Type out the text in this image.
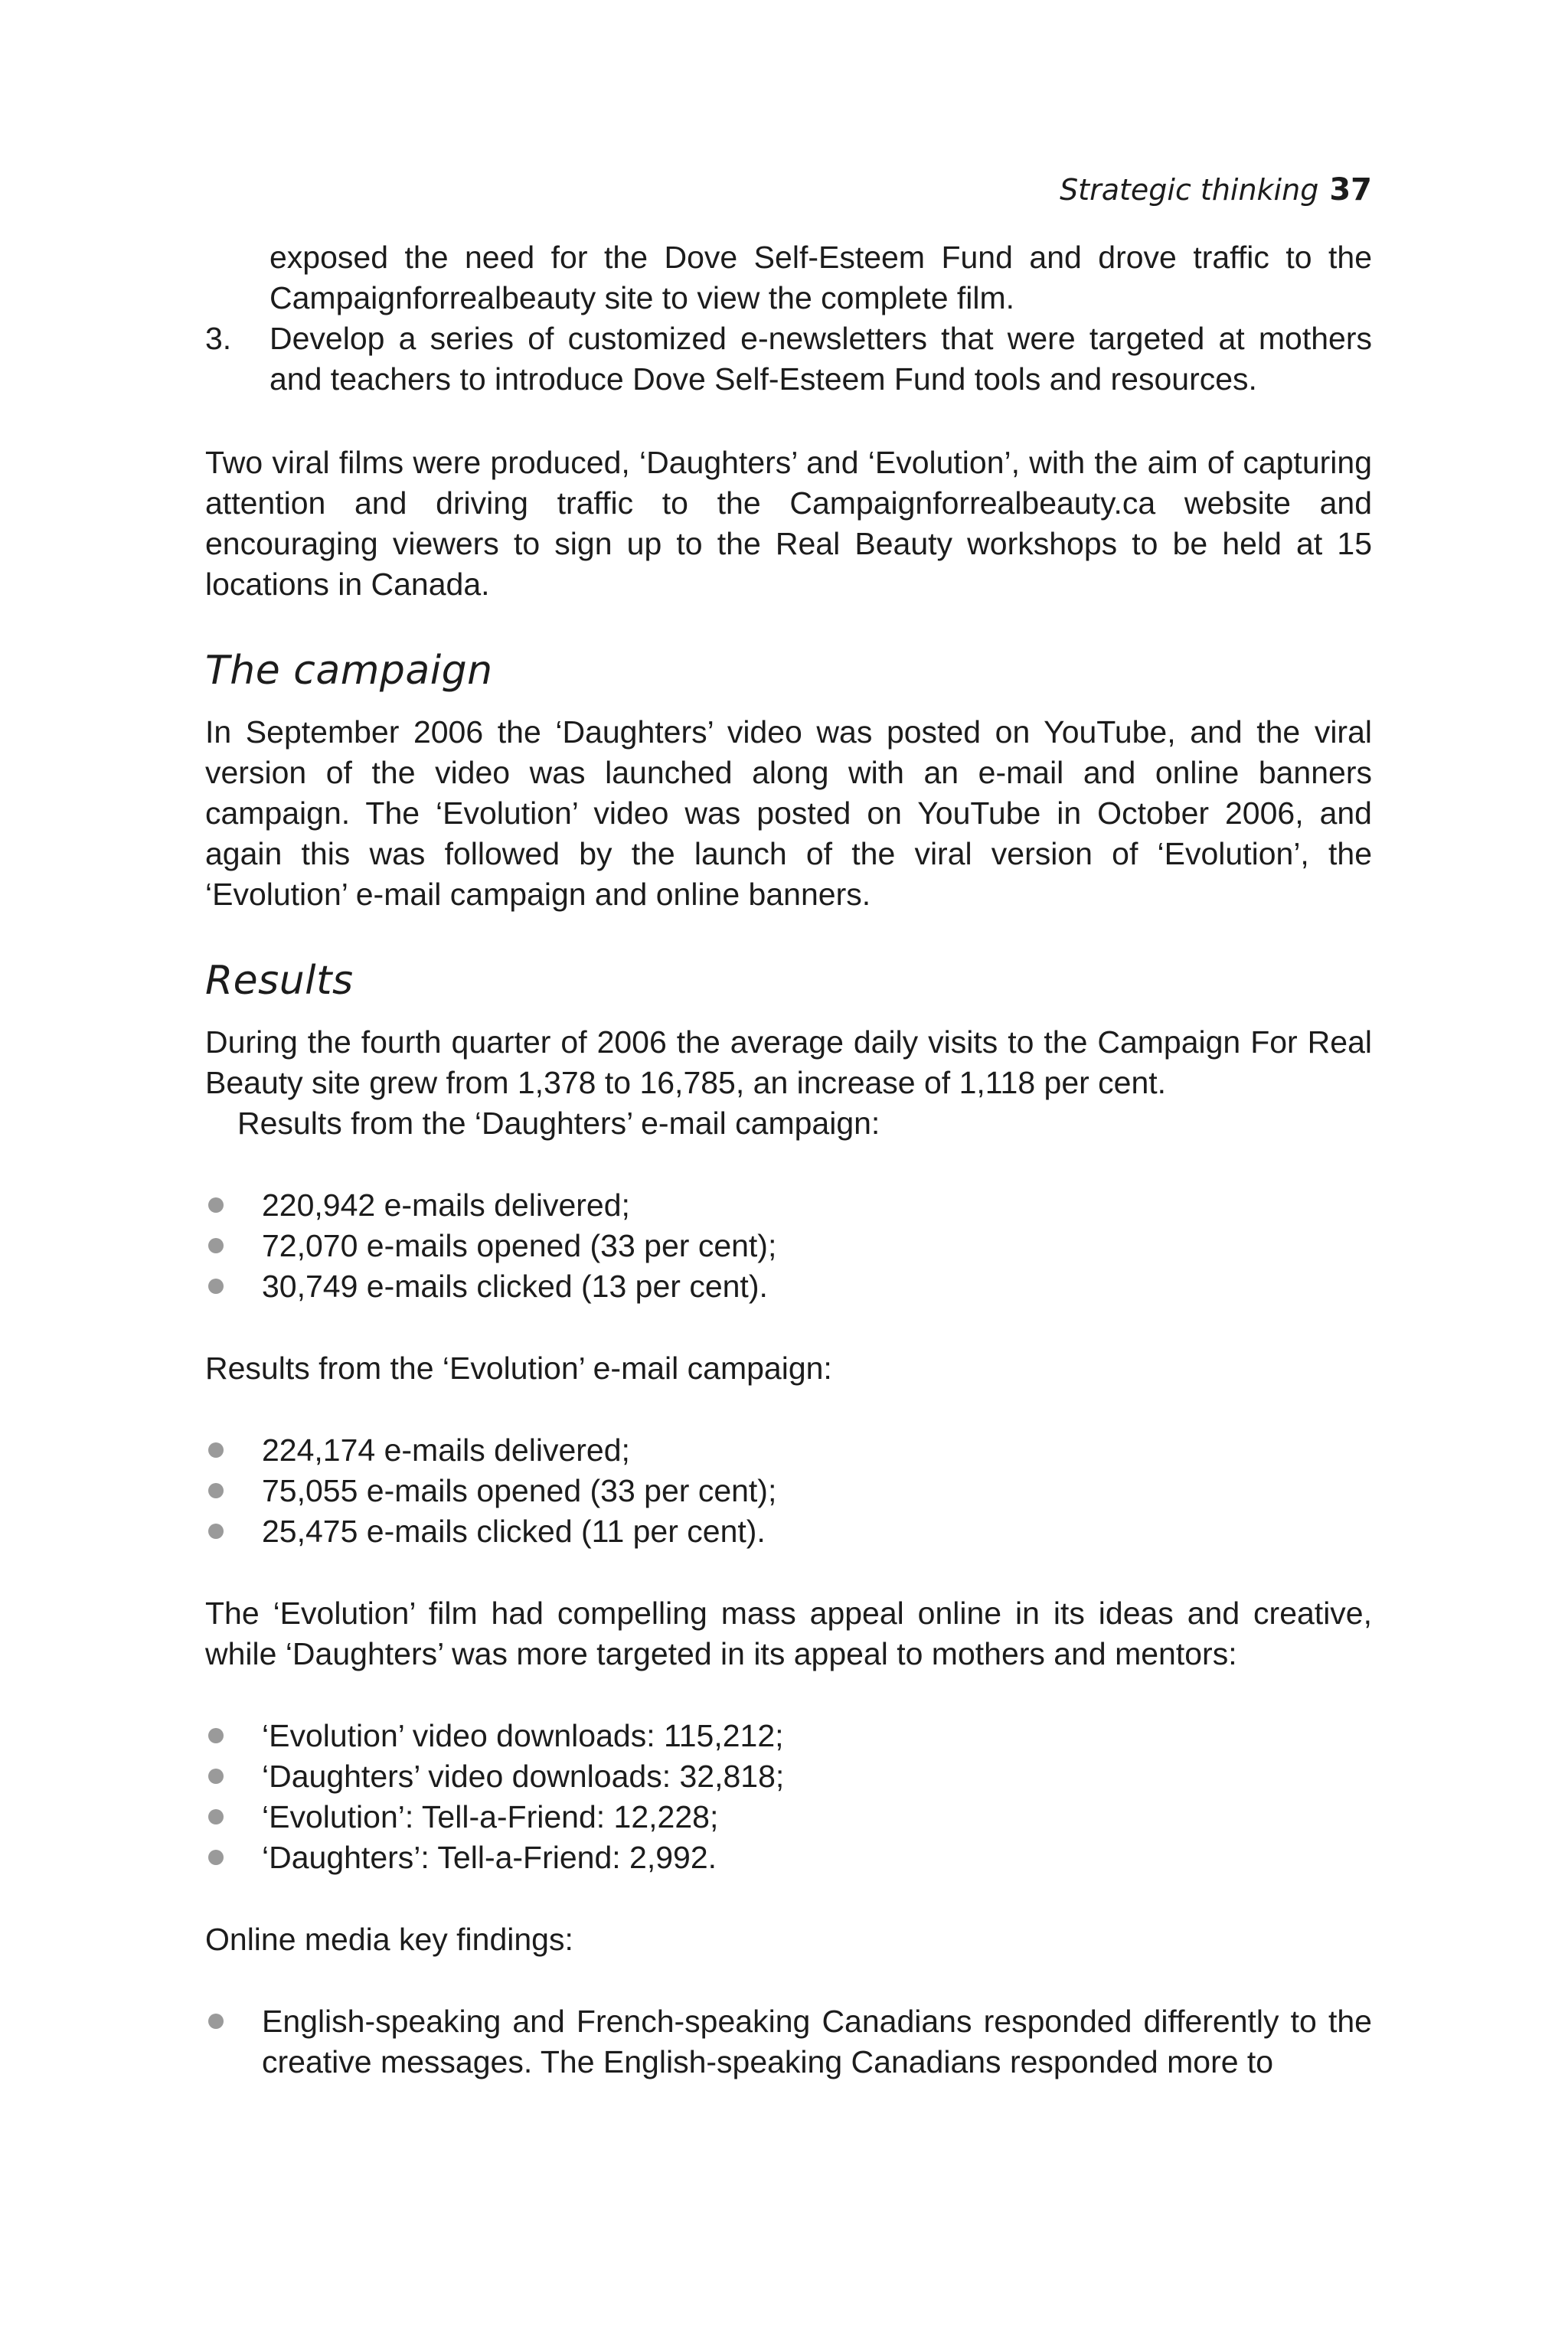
Strategic thinking 37

exposed the need for the Dove Self-Esteem Fund and drove traffic to the Campaignforrealbeauty site to view the complete film.

3.	Develop a series of customized e-newsletters that were targeted at mothers and teachers to introduce Dove Self-Esteem Fund tools and resources.

Two viral films were produced, ‘Daughters’ and ‘Evolution’, with the aim of capturing attention and driving traffic to the Campaignforrealbeauty.ca website and encouraging viewers to sign up to the Real Beauty workshops to be held at 15 locations in Canada.

The campaign

In September 2006 the ‘Daughters’ video was posted on YouTube, and the viral version of the video was launched along with an e-mail and online banners campaign. The ‘Evolution’ video was posted on YouTube in October 2006, and again this was followed by the launch of the viral version of ‘Evolution’, the ‘Evolution’ e-mail campaign and online banners.

Results

During the fourth quarter of 2006 the average daily visits to the Campaign For Real Beauty site grew from 1,378 to 16,785, an increase of 1,118 per cent.

Results from the ‘Daughters’ e-mail campaign:

220,942 e-mails delivered;
72,070 e-mails opened (33 per cent);
30,749 e-mails clicked (13 per cent).

Results from the ‘Evolution’ e-mail campaign:

224,174 e-mails delivered;
75,055 e-mails opened (33 per cent);
25,475 e-mails clicked (11 per cent).

The ‘Evolution’ film had compelling mass appeal online in its ideas and creative, while ‘Daughters’ was more targeted in its appeal to mothers and mentors:

‘Evolution’ video downloads: 115,212;
‘Daughters’ video downloads: 32,818;
‘Evolution’: Tell-a-Friend: 12,228;
‘Daughters’: Tell-a-Friend: 2,992.

Online media key findings:

English-speaking and French-speaking Canadians responded differently to the creative messages. The English-speaking Canadians responded more to
